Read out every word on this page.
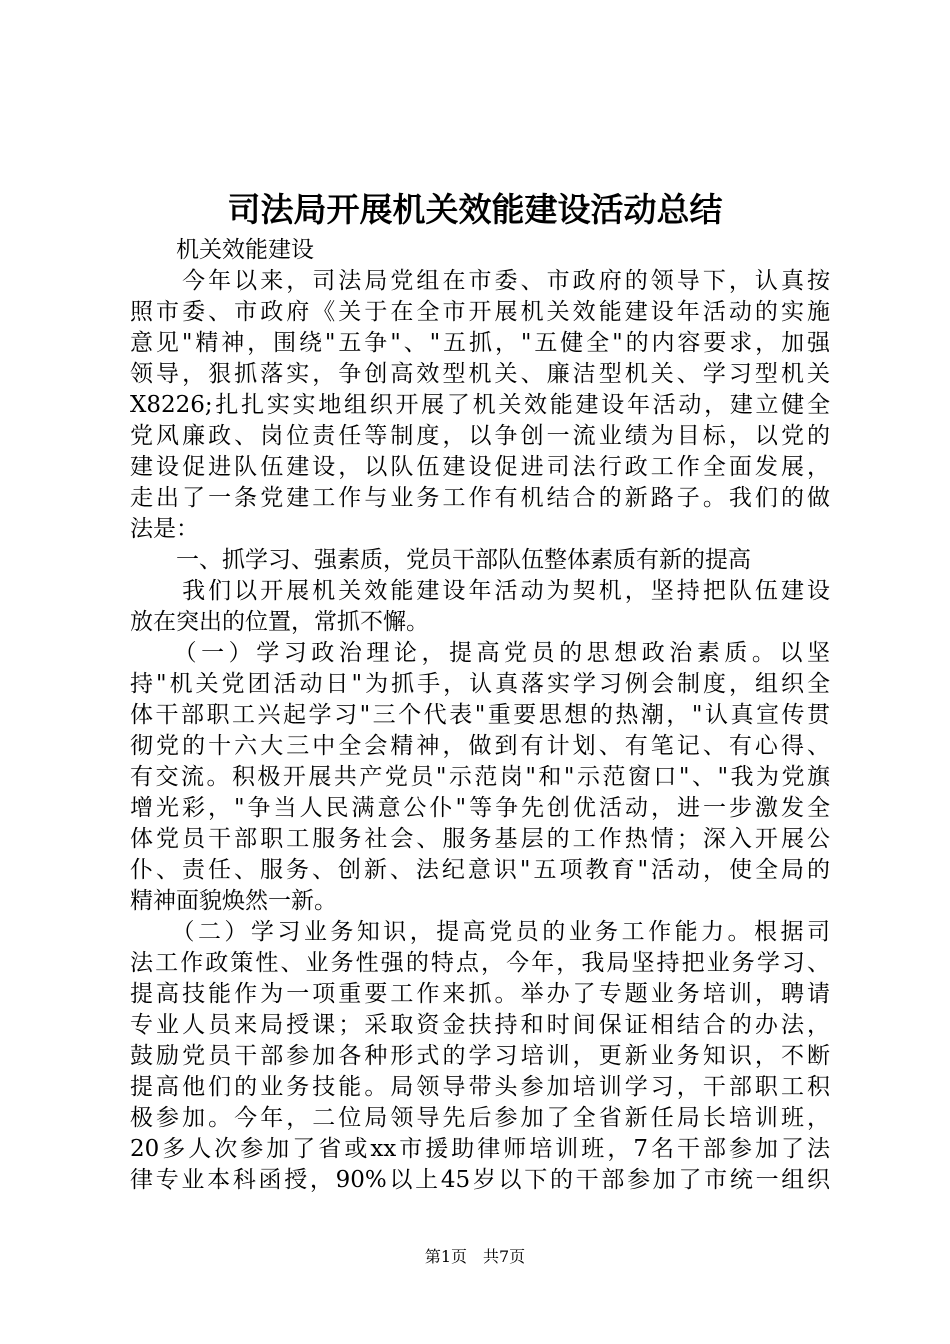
司法局开展机关效能建设活动总结
　　机关效能建设
　　今年以来，司法局党组在市委、市政府的领导下，认真按
照市委、市政府《关于在全市开展机关效能建设年活动的实施
意见"精神，围绕"五争"、"五抓，"五健全"的内容要求，加强
领导，狠抓落实，争创高效型机关、廉洁型机关、学习型机关
X8226;扎扎实实地组织开展了机关效能建设年活动，建立健全
党风廉政、岗位责任等制度，以争创一流业绩为目标，以党的
建设促进队伍建设，以队伍建设促进司法行政工作全面发展，
走出了一条党建工作与业务工作有机结合的新路子。我们的做
法是：
　　一、抓学习、强素质，党员干部队伍整体素质有新的提高
　　我们以开展机关效能建设年活动为契机，坚持把队伍建设
放在突出的位置，常抓不懈。
　　（一）学习政治理论，提高党员的思想政治素质。以坚
持"机关党团活动日"为抓手，认真落实学习例会制度，组织全
体干部职工兴起学习"三个代表"重要思想的热潮，"认真宣传贯
彻党的十六大三中全会精神，做到有计划、有笔记、有心得、
有交流。积极开展共产党员"示范岗"和"示范窗口"、"我为党旗
增光彩，"争当人民满意公仆"等争先创优活动，进一步激发全
体党员干部职工服务社会、服务基层的工作热情；深入开展公
仆、责任、服务、创新、法纪意识"五项教育"活动，使全局的
精神面貌焕然一新。
　　（二）学习业务知识，提高党员的业务工作能力。根据司
法工作政策性、业务性强的特点，今年，我局坚持把业务学习、
提高技能作为一项重要工作来抓。举办了专题业务培训，聘请
专业人员来局授课；采取资金扶持和时间保证相结合的办法，
鼓励党员干部参加各种形式的学习培训，更新业务知识，不断
提高他们的业务技能。局领导带头参加培训学习，干部职工积
极参加。今年，二位局领导先后参加了全省新任局长培训班，
20多人次参加了省或xx市援助律师培训班，7名干部参加了法
律专业本科函授，90%以上45岁以下的干部参加了市统一组织
第1页　共7页
